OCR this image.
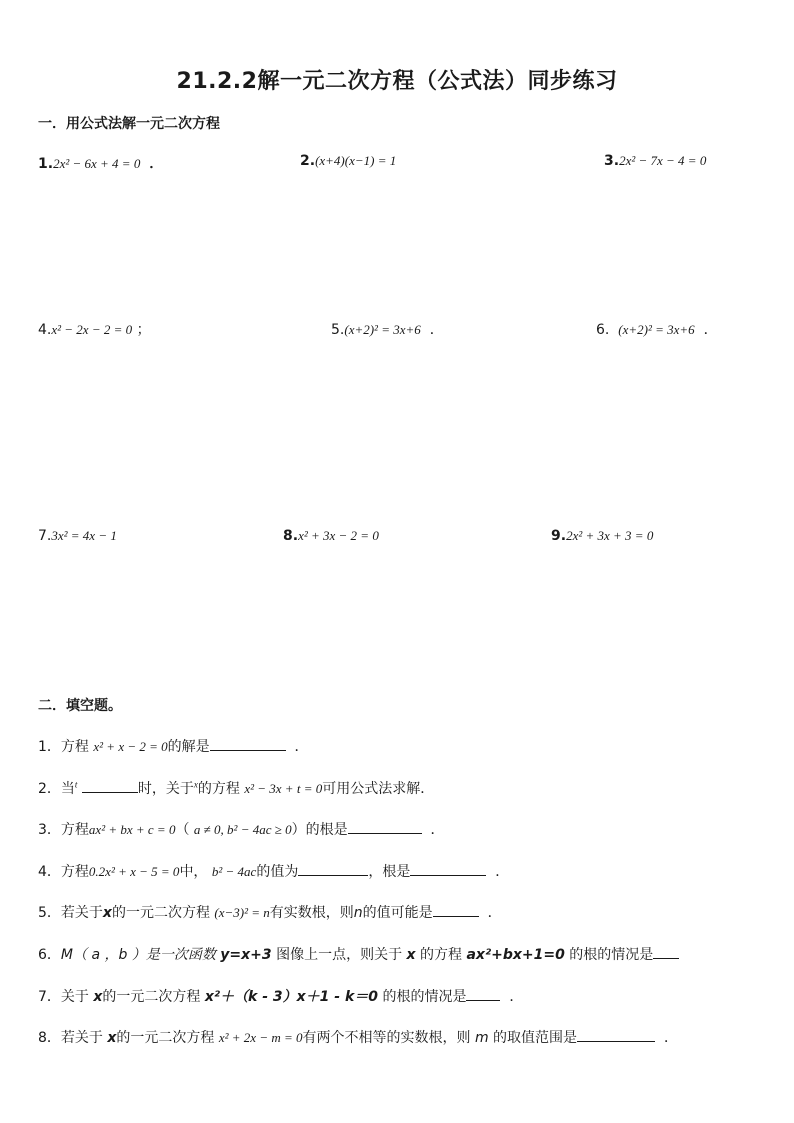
21.2.2解一元二次方程（公式法）同步练习
一．用公式法解一元二次方程
1.2x² − 6x + 4 = 0 ．	2.(x+4)(x−1) = 1	3.2x² − 7x − 4 = 0
4.x² − 2x − 2 = 0 ；	5.(x+2)² = 3x+6 ．	6. (x+2)² = 3x+6 ．
7.3x² = 4x − 1	8.x² + 3x − 2 = 0	9.2x² + 3x + 3 = 0
二．填空题。
1．方程 x² + x − 2 = 0的解是	．
2．当$^t$	时，关于$^x$的方程 x² − 3x + t = 0可用公式法求解．
3．方程ax² + bx + c = 0（ a ≠ 0, b² − 4ac ≥ 0）的根是	．
4．方程0.2x² + x − 5 = 0中， b² − 4ac的值为	，根是	．
5．若关于x的一元二次方程 (x−3)² = n有实数根，则n的值可能是	．
6．M（ a ，b ）是一次函数 y=x+3 图像上一点，则关于 x 的方程 ax²+bx+1=0 的根的情况是
7．关于 x的一元二次方程 x²＋（k - 3）x＋1 - k＝0 的根的情况是	．
8．若关于 x的一元二次方程 x² + 2x − m = 0有两个不相等的实数根，则 m 的取值范围是	．
